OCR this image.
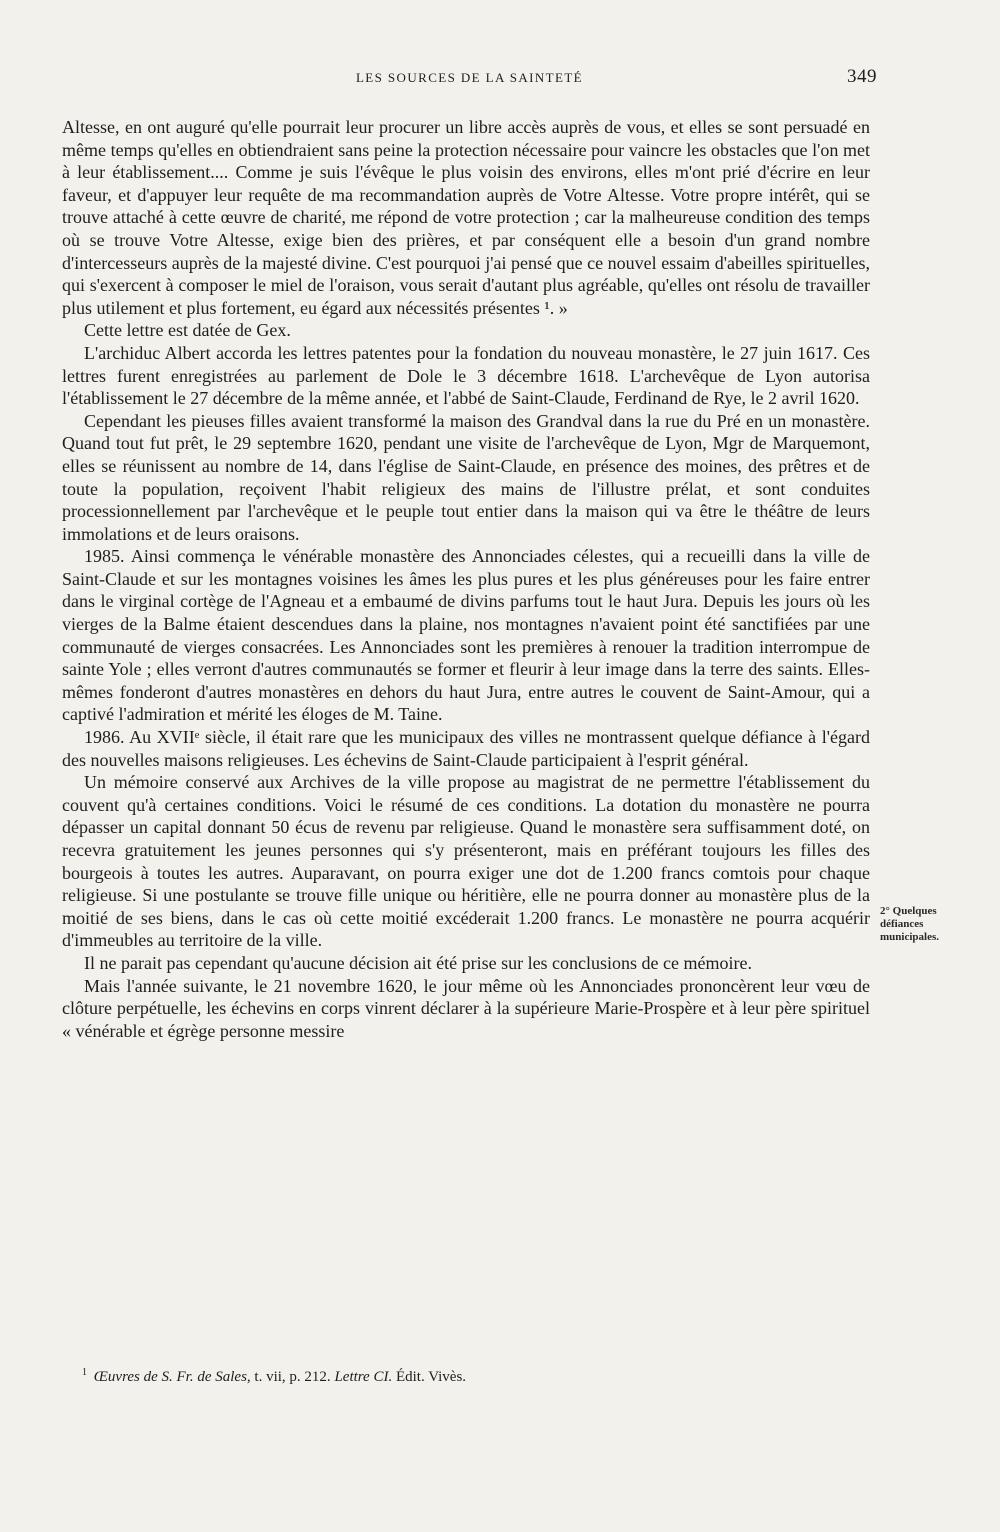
LES SOURCES DE LA SAINTETÉ	349

Altesse, en ont auguré qu'elle pourrait leur procurer un libre accès auprès de vous, et elles se sont persuadé en même temps qu'elles en obtiendraient sans peine la protection nécessaire pour vaincre les obstacles que l'on met à leur établissement.... Comme je suis l'évêque le plus voisin des environs, elles m'ont prié d'écrire en leur faveur, et d'appuyer leur requête de ma recommandation auprès de Votre Altesse. Votre propre intérêt, qui se trouve attaché à cette œuvre de charité, me répond de votre protection ; car la malheureuse condition des temps où se trouve Votre Altesse, exige bien des prières, et par conséquent elle a besoin d'un grand nombre d'intercesseurs auprès de la majesté divine. C'est pourquoi j'ai pensé que ce nouvel essaim d'abeilles spirituelles, qui s'exercent à composer le miel de l'oraison, vous serait d'autant plus agréable, qu'elles ont résolu de travailler plus utilement et plus fortement, eu égard aux nécessités présentes ¹. »

Cette lettre est datée de Gex.

L'archiduc Albert accorda les lettres patentes pour la fondation du nouveau monastère, le 27 juin 1617. Ces lettres furent enregistrées au parlement de Dole le 3 décembre 1618. L'archevêque de Lyon autorisa l'établissement le 27 décembre de la même année, et l'abbé de Saint-Claude, Ferdinand de Rye, le 2 avril 1620.

Cependant les pieuses filles avaient transformé la maison des Grandval dans la rue du Pré en un monastère. Quand tout fut prêt, le 29 septembre 1620, pendant une visite de l'archevêque de Lyon, Mgr de Marquemont, elles se réunissent au nombre de 14, dans l'église de Saint-Claude, en présence des moines, des prêtres et de toute la population, reçoivent l'habit religieux des mains de l'illustre prélat, et sont conduites processionnellement par l'archevêque et le peuple tout entier dans la maison qui va être le théâtre de leurs immolations et de leurs oraisons.

1985. Ainsi commença le vénérable monastère des Annonciades célestes, qui a recueilli dans la ville de Saint-Claude et sur les montagnes voisines les âmes les plus pures et les plus généreuses pour les faire entrer dans le virginal cortège de l'Agneau et a embaumé de divins parfums tout le haut Jura. Depuis les jours où les vierges de la Balme étaient descendues dans la plaine, nos montagnes n'avaient point été sanctifiées par une communauté de vierges consacrées. Les Annonciades sont les premières à renouer la tradition interrompue de sainte Yole ; elles verront d'autres communautés se former et fleurir à leur image dans la terre des saints. Elles-mêmes fonderont d'autres monastères en dehors du haut Jura, entre autres le couvent de Saint-Amour, qui a captivé l'admiration et mérité les éloges de M. Taine.

1986. Au XVIIᵉ siècle, il était rare que les municipaux des villes ne montrassent quelque défiance à l'égard des nouvelles maisons religieuses. Les échevins de Saint-Claude participaient à l'esprit général.

Un mémoire conservé aux Archives de la ville propose au magistrat de ne permettre l'établissement du couvent qu'à certaines conditions. Voici le résumé de ces conditions. La dotation du monastère ne pourra dépasser un capital donnant 50 écus de revenu par religieuse. Quand le monastère sera suffisamment doté, on recevra gratuitement les jeunes personnes qui s'y présenteront, mais en préférant toujours les filles des bourgeois à toutes les autres. Auparavant, on pourra exiger une dot de 1.200 francs comtois pour chaque religieuse. Si une postulante se trouve fille unique ou héritière, elle ne pourra donner au monastère plus de la moitié de ses biens, dans le cas où cette moitié excéderait 1.200 francs. Le monastère ne pourra acquérir d'immeubles au territoire de la ville.

Il ne parait pas cependant qu'aucune décision ait été prise sur les conclusions de ce mémoire.

Mais l'année suivante, le 21 novembre 1620, le jour même où les Annonciades prononcèrent leur vœu de clôture perpétuelle, les échevins en corps vinrent déclarer à la supérieure Marie-Prospère et à leur père spirituel « vénérable et égrège personne messire

2° Quelques défiances municipales.
$^1$ Œuvres de S. Fr. de Sales, t. vii, p. 212. Lettre CI. Édit. Vivès.
